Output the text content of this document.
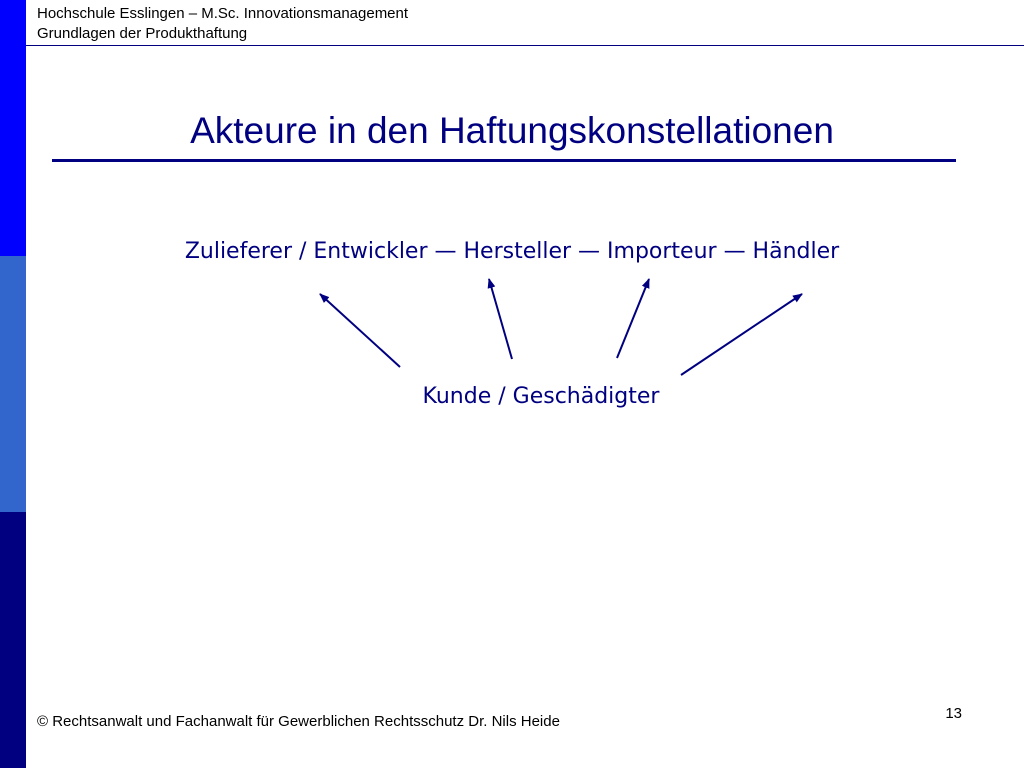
Hochschule Esslingen – M.Sc. Innovationsmanagement
Grundlagen der Produkthaftung
Akteure in den Haftungskonstellationen
Zulieferer / Entwickler — Hersteller — Importeur — Händler
Kunde / Geschädigter
13
© Rechtsanwalt und Fachanwalt für Gewerblichen Rechtsschutz Dr. Nils Heide
